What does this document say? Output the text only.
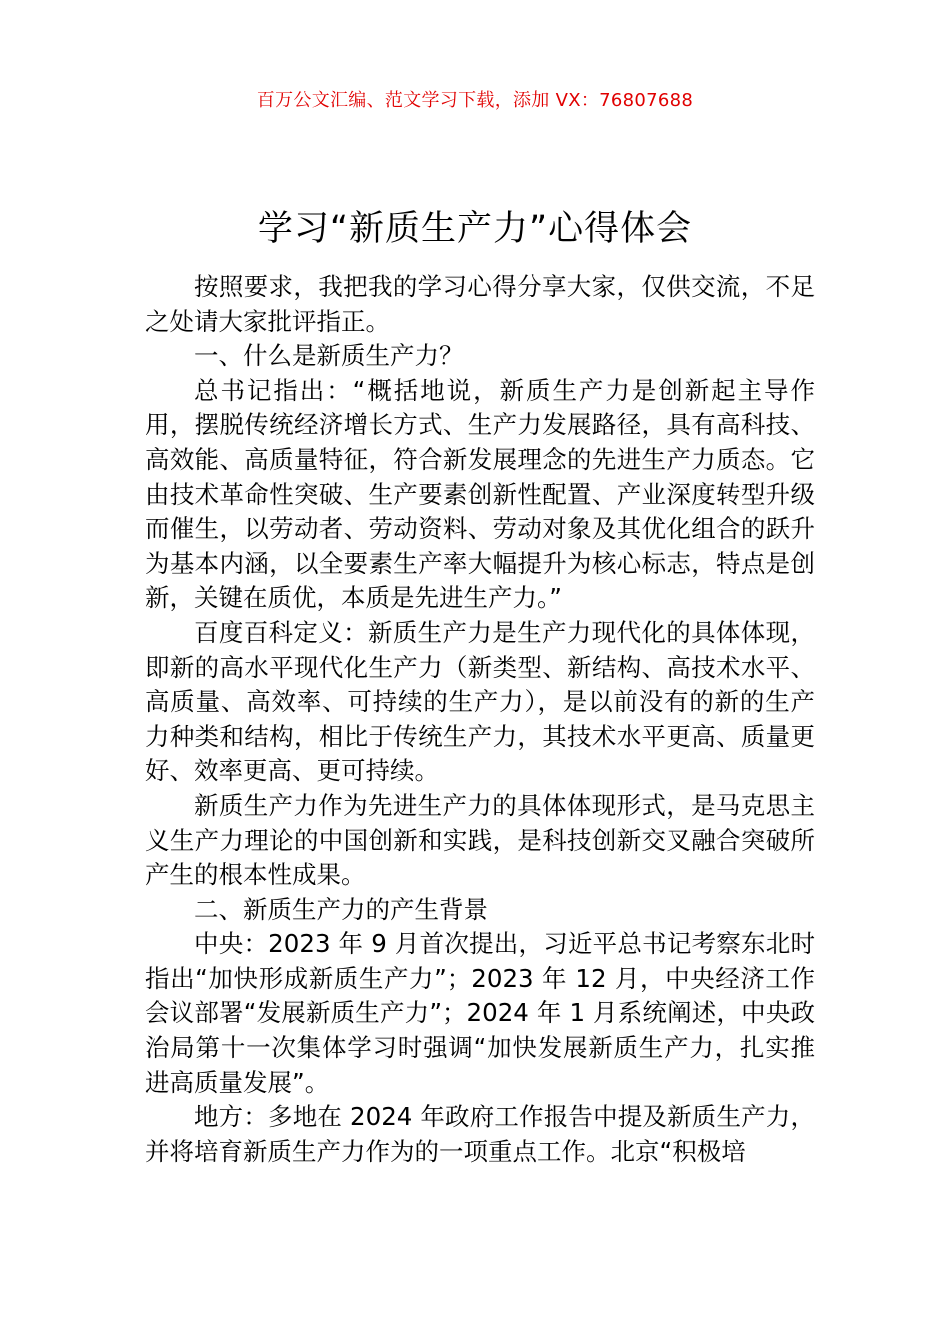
百万公文汇编、范文学习下载，添加 VX：76807688
学习“新质生产力”心得体会

按照要求，我把我的学习心得分享大家，仅供交流，不足之处请大家批评指正。

一、什么是新质生产力？

总书记指出：“概括地说，新质生产力是创新起主导作用，摆脱传统经济增长方式、生产力发展路径，具有高科技、高效能、高质量特征，符合新发展理念的先进生产力质态。它由技术革命性突破、生产要素创新性配置、产业深度转型升级而催生，以劳动者、劳动资料、劳动对象及其优化组合的跃升为基本内涵，以全要素生产率大幅提升为核心标志，特点是创新，关键在质优，本质是先进生产力。”

百度百科定义：新质生产力是生产力现代化的具体体现，即新的高水平现代化生产力（新类型、新结构、高技术水平、高质量、高效率、可持续的生产力），是以前没有的新的生产力种类和结构，相比于传统生产力，其技术水平更高、质量更好、效率更高、更可持续。

新质生产力作为先进生产力的具体体现形式，是马克思主义生产力理论的中国创新和实践，是科技创新交叉融合突破所产生的根本性成果。

二、新质生产力的产生背景

中央：2023 年 9 月首次提出，习近平总书记考察东北时指出“加快形成新质生产力”；2023 年 12 月，中央经济工作会议部署“发展新质生产力”；2024 年 1 月系统阐述，中央政治局第十一次集体学习时强调“加快发展新质生产力，扎实推进高质量发展”。

地方：多地在 2024 年政府工作报告中提及新质生产力，并将培育新质生产力作为的一项重点工作。北京“积极培
